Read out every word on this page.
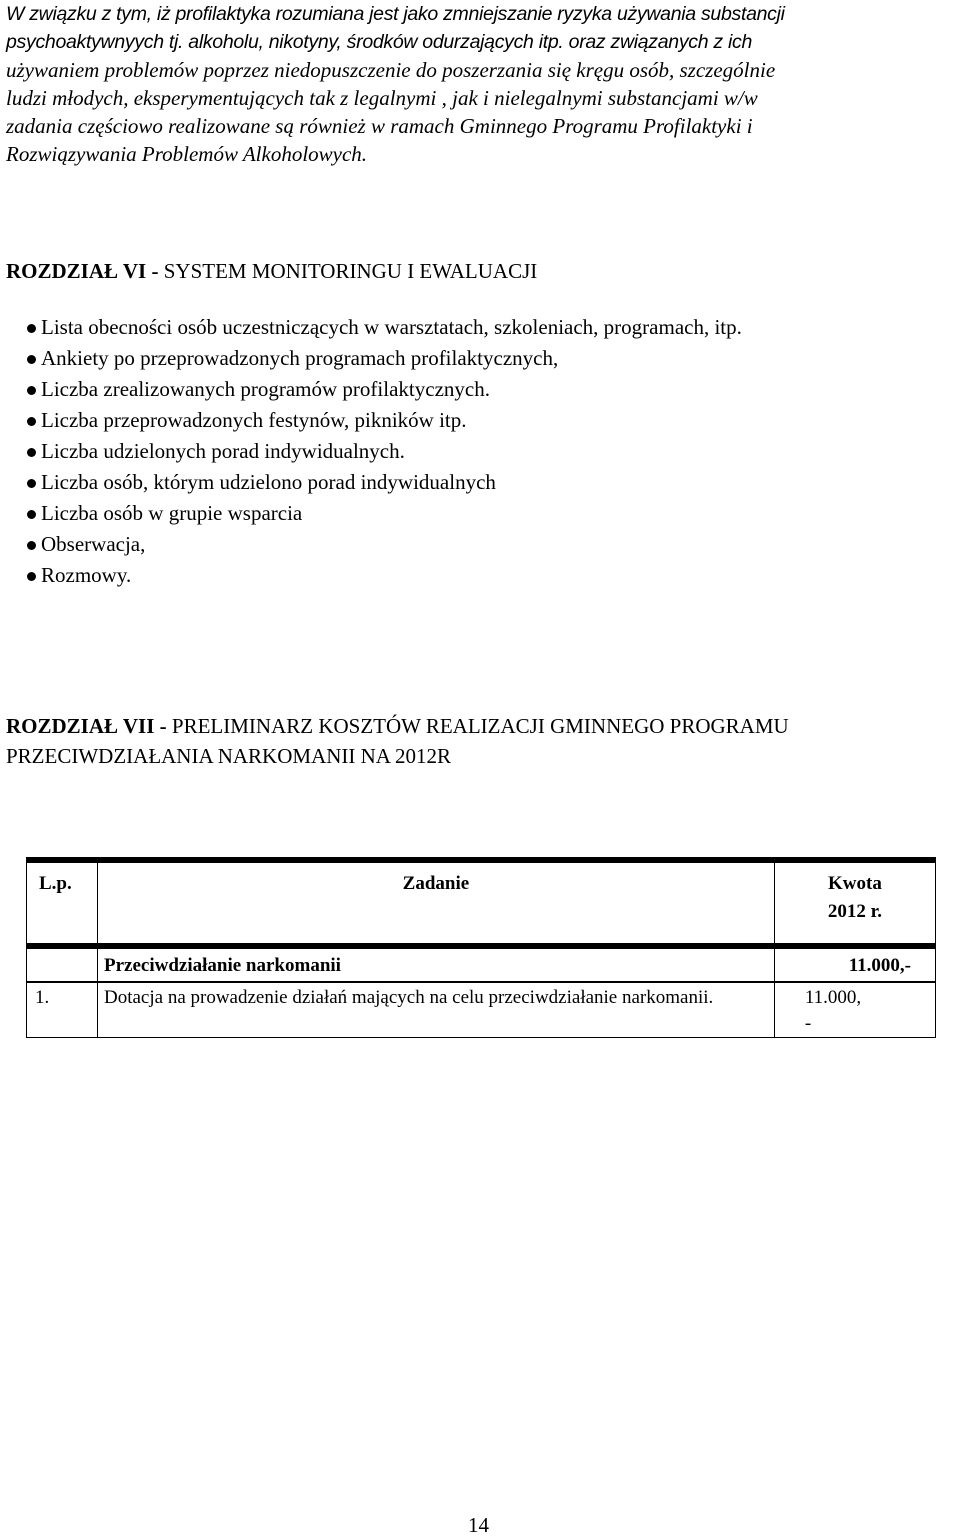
W związku z tym, iż profilaktyka rozumiana jest jako zmniejszanie ryzyka używania substancji
psychoaktywnyych tj. alkoholu, nikotyny, środków odurzających itp. oraz związanych z ich
używaniem problemów poprzez niedopuszczenie do poszerzania się kręgu osób, szczególnie
ludzi młodych, eksperymentujących tak z legalnymi , jak i nielegalnymi substancjami w/w
zadania częściowo realizowane są również w ramach Gminnego Programu Profilaktyki i
Rozwiązywania Problemów Alkoholowych.

ROZDZIAŁ VI - SYSTEM MONITORINGU I EWALUACJI
Lista obecności osób uczestniczących w warsztatach, szkoleniach, programach, itp.
Ankiety po przeprowadzonych programach profilaktycznych,
Liczba zrealizowanych programów profilaktycznych.
Liczba przeprowadzonych festynów, pikników itp.
Liczba udzielonych porad indywidualnych.
Liczba osób, którym udzielono porad indywidualnych
Liczba osób w grupie wsparcia
Obserwacja,
Rozmowy.
ROZDZIAŁ VII - PRELIMINARZ KOSZTÓW REALIZACJI GMINNEGO PROGRAMU
PRZECIWDZIAŁANIA NARKOMANII NA 2012R
L.p.	Zadanie	Kwota
2012 r.

	Przeciwdziałanie narkomanii	11.000,-
1.	Dotacja na prowadzenie działań mających na celu przeciwdziałanie narkomanii.	11.000,
-
14
